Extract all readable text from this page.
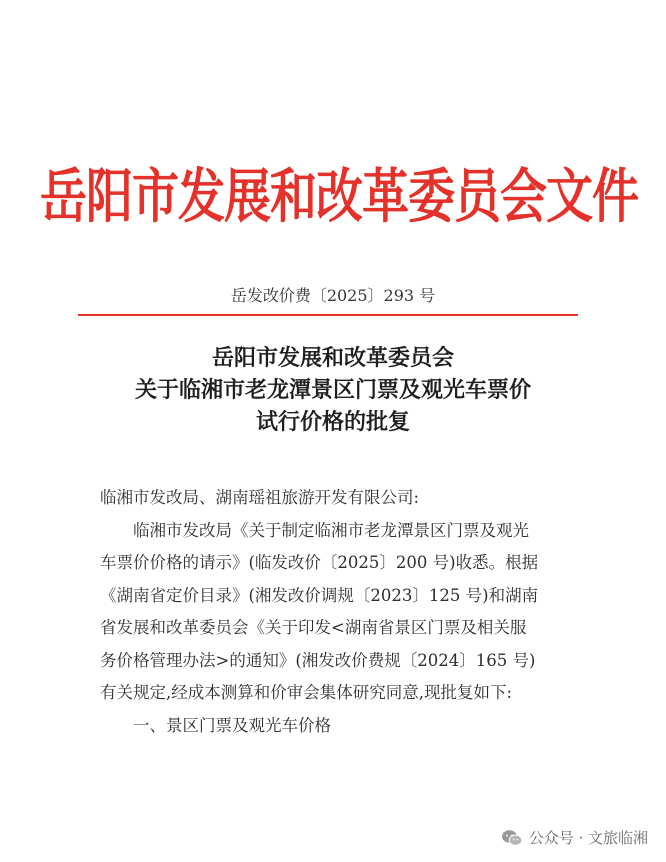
岳阳市发展和改革委员会文件
岳发改价费〔2025〕293 号
岳阳市发展和改革委员会
关于临湘市老龙潭景区门票及观光车票价
试行价格的批复
临湘市发改局、湖南瑶祖旅游开发有限公司:
临湘市发改局《关于制定临湘市老龙潭景区门票及观光
车票价价格的请示》(临发改价〔2025〕200 号)收悉。根据
《湖南省定价目录》(湘发改价调规〔2023〕125 号)和湖南
省发展和改革委员会《关于印发<湖南省景区门票及相关服
务价格管理办法>的通知》(湘发改价费规〔2024〕165 号)
有关规定,经成本测算和价审会集体研究同意,现批复如下:
一、景区门票及观光车价格
公众号 · 文旅临湘
